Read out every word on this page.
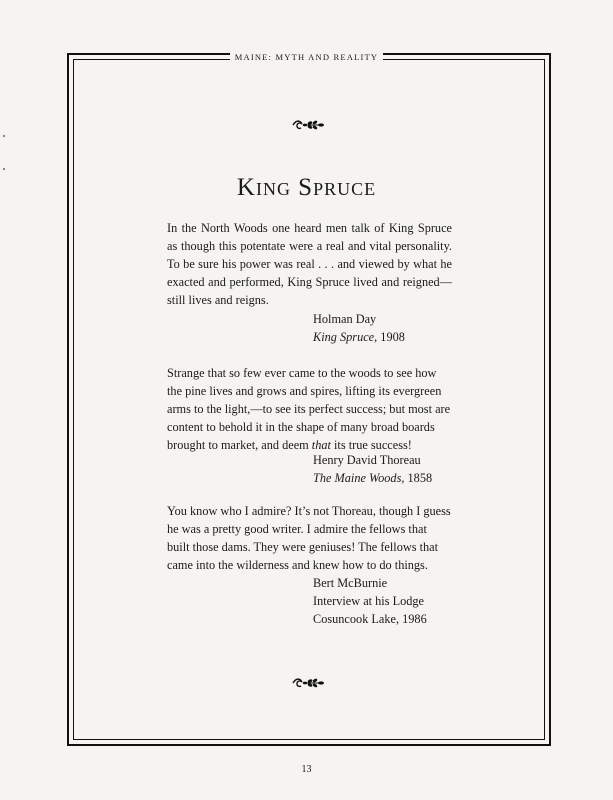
MAINE: MYTH AND REALITY
King Spruce

In the North Woods one heard men talk of King Spruce as though this potentate were a real and vital personality. To be sure his power was real . . . and viewed by what he exacted and performed, King Spruce lived and reigned—still lives and reigns.

Holman Day
King Spruce, 1908

Strange that so few ever came to the woods to see how the pine lives and grows and spires, lifting its evergreen arms to the light,—to see its perfect success; but most are content to behold it in the shape of many broad boards brought to market, and deem that its true success!

Henry David Thoreau
The Maine Woods, 1858

You know who I admire? It’s not Thoreau, though I guess he was a pretty good writer. I admire the fellows that built those dams. They were geniuses! The fellows that came into the wilderness and knew how to do things.

Bert McBurnie
Interview at his Lodge
Cosuncook Lake, 1986
13
